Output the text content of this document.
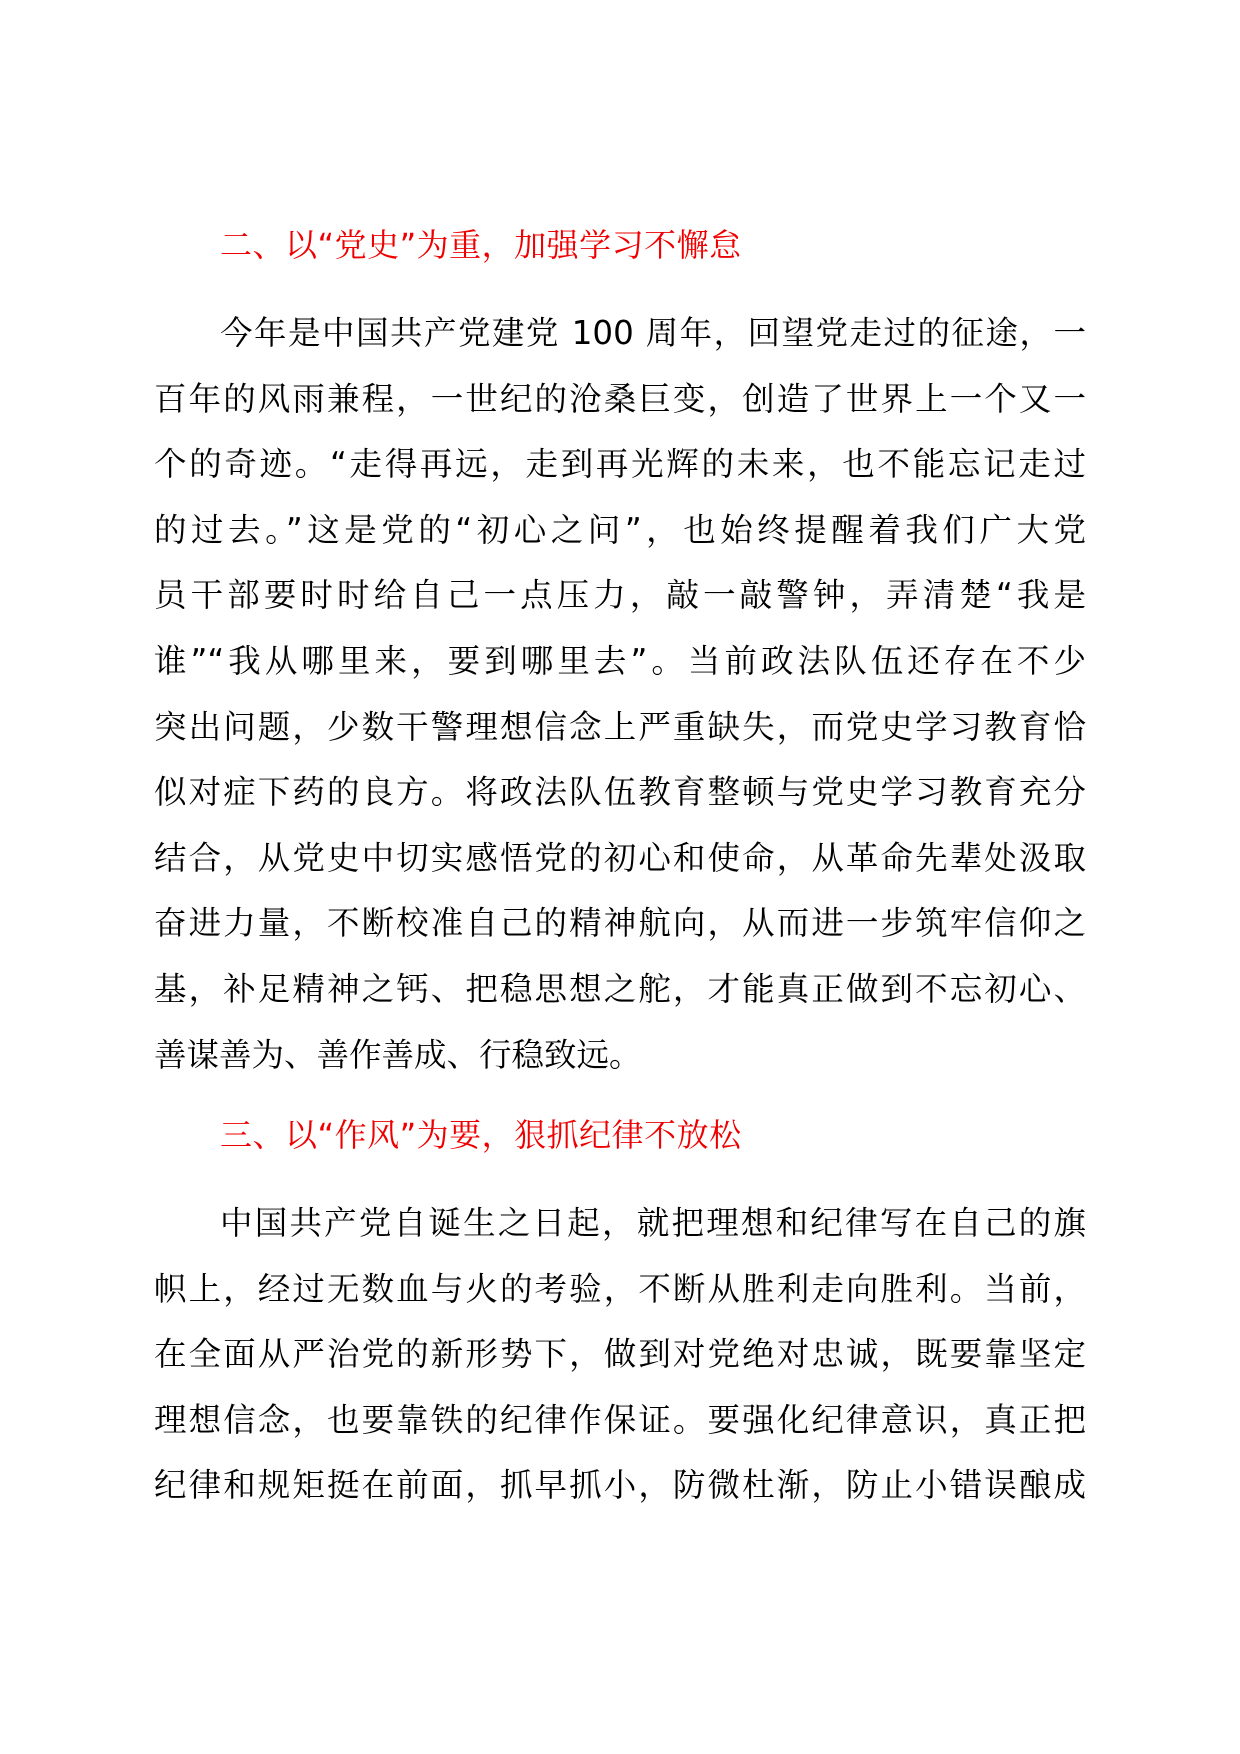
二、以“党史”为重，加强学习不懈怠
今年是中国共产党建党 100 周年，回望党走过的征途，一
百年的风雨兼程，一世纪的沧桑巨变，创造了世界上一个又一
个的奇迹。“走得再远，走到再光辉的未来，也不能忘记走过
的过去。”这是党的“初心之问”，也始终提醒着我们广大党
员干部要时时给自己一点压力，敲一敲警钟，弄清楚“我是
谁”“我从哪里来，要到哪里去”。当前政法队伍还存在不少
突出问题，少数干警理想信念上严重缺失，而党史学习教育恰
似对症下药的良方。将政法队伍教育整顿与党史学习教育充分
结合，从党史中切实感悟党的初心和使命，从革命先辈处汲取
奋进力量，不断校准自己的精神航向，从而进一步筑牢信仰之
基，补足精神之钙、把稳思想之舵，才能真正做到不忘初心、
善谋善为、善作善成、行稳致远。
三、以“作风”为要，狠抓纪律不放松
中国共产党自诞生之日起，就把理想和纪律写在自己的旗
帜上，经过无数血与火的考验，不断从胜利走向胜利。当前，
在全面从严治党的新形势下，做到对党绝对忠诚，既要靠坚定
理想信念，也要靠铁的纪律作保证。要强化纪律意识，真正把
纪律和规矩挺在前面，抓早抓小，防微杜渐，防止小错误酿成
